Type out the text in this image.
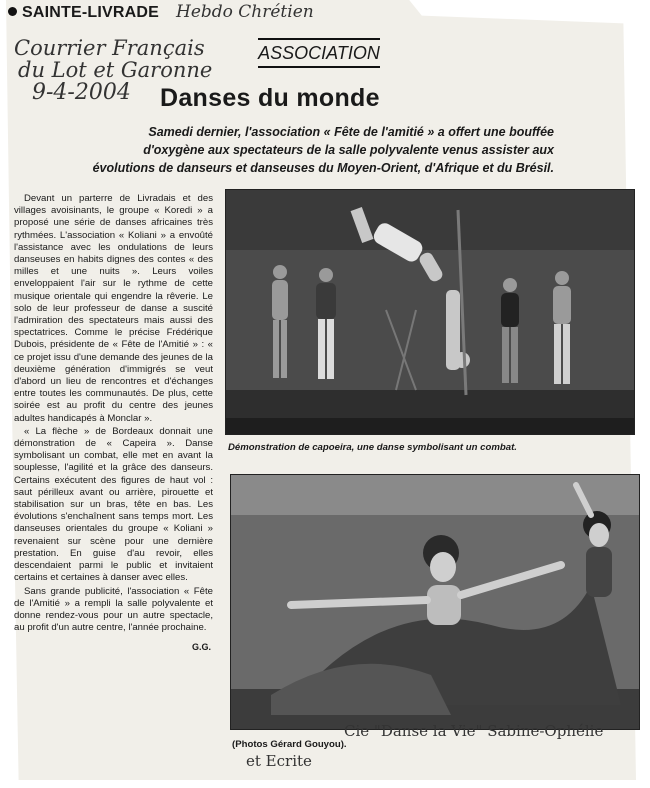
SAINTE-LIVRADE Hebdo Chrétien
Courrier Français
du Lot et Garonne
9-4-2004

ASSOCIATION
Danses du monde
Samedi dernier, l'association « Fête de l'amitié » a offert une bouffée d'oxygène aux spectateurs de la salle polyvalente venus assister aux évolutions de danseurs et danseuses du Moyen-Orient, d'Afrique et du Brésil.

Devant un parterre de Livradais et des villages avoisinants, le groupe « Koredi » a proposé une série de danses africaines très rythmées. L'association « Koliani » a envoûté l'assistance avec les ondulations de leurs danseuses en habits dignes des contes « des milles et une nuits ». Leurs voiles enveloppaient l'air sur le rythme de cette musique orientale qui engendre la rêverie. Le solo de leur professeur de danse a suscité l'admiration des spectateurs mais aussi des spectatrices. Comme le précise Frédérique Dubois, présidente de « Fête de l'Amitié » : « ce projet issu d'une demande des jeunes de la deuxième génération d'immigrés se veut d'abord un lieu de rencontres et d'échanges entre toutes les communautés. De plus, cette soirée est au profit du centre des jeunes adultes handicapés à Monclar ».

« La flèche » de Bordeaux donnait une démonstration de « Capeira ». Danse symbolisant un combat, elle met en avant la souplesse, l'agilité et la grâce des danseurs. Certains exécutent des figures de haut vol : saut périlleux avant ou arrière, pirouette et stabilisation sur un bras, tête en bas. Les évolutions s'enchaînent sans temps mort. Les danseuses orientales du groupe « Koliani » revenaient sur scène pour une dernière prestation. En guise d'au revoir, elles descendaient parmi le public et invitaient certains et certaines à danser avec elles.

Sans grande publicité, l'association « Fête de l'Amitié » a rempli la salle polyvalente et donne rendez-vous pour un autre spectacle, au profit d'un autre centre, l'année prochaine.

G.G.
Démonstration de capoeira, une danse symbolisant un combat.
(Photos Gérard Gouyou).
Cie "Danse la Vie" Sabine-Ophélie
et Ecrite
